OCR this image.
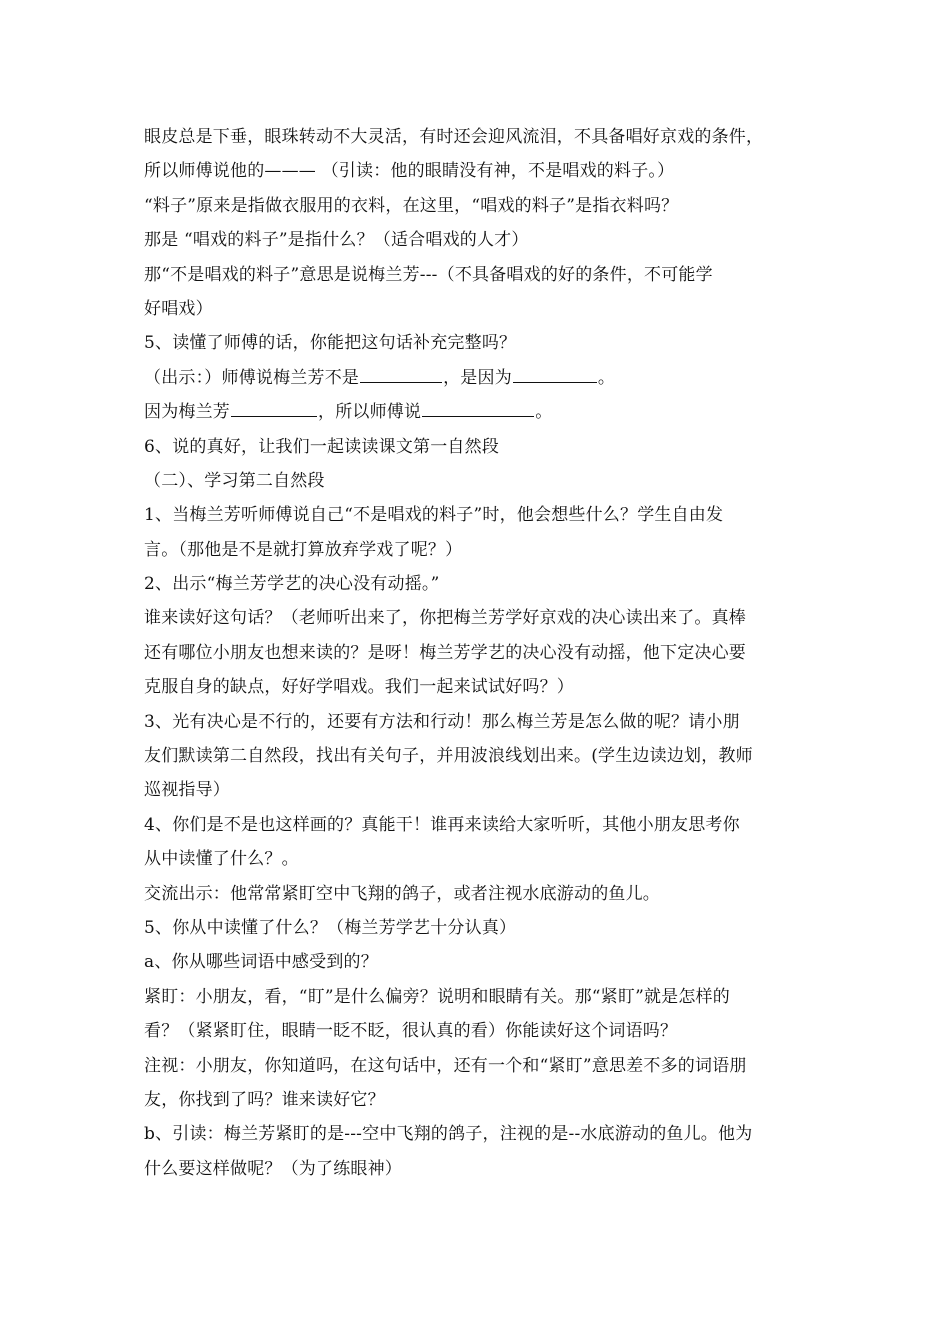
眼皮总是下垂，眼珠转动不大灵活，有时还会迎风流泪，不具备唱好京戏的条件，
所以师傅说他的——— （引读：他的眼睛没有神，不是唱戏的料子。）
“料子”原来是指做衣服用的衣料，在这里，“唱戏的料子”是指衣料吗？
那是 “唱戏的料子”是指什么？（适合唱戏的人才）
那“不是唱戏的料子”意思是说梅兰芳---（不具备唱戏的好的条件，不可能学
好唱戏）
5、读懂了师傅的话，你能把这句话补充完整吗？
（出示：）师傅说梅兰芳不是	，是因为	。
因为梅兰芳	，所以师傅说	。
6、说的真好，让我们一起读读课文第一自然段
（二）、学习第二自然段
1、当梅兰芳听师傅说自己“不是唱戏的料子”时，他会想些什么？学生自由发
言。（那他是不是就打算放弃学戏了呢？）
2、出示“梅兰芳学艺的决心没有动摇。”
谁来读好这句话？（老师听出来了，你把梅兰芳学好京戏的决心读出来了。真棒
还有哪位小朋友也想来读的？是呀！梅兰芳学艺的决心没有动摇，他下定决心要
克服自身的缺点，好好学唱戏。我们一起来试试好吗？）
3、光有决心是不行的，还要有方法和行动！那么梅兰芳是怎么做的呢？请小朋
友们默读第二自然段，找出有关句子，并用波浪线划出来。(学生边读边划，教师
巡视指导）
4、你们是不是也这样画的？真能干！谁再来读给大家听听，其他小朋友思考你
从中读懂了什么？。
交流出示：他常常紧盯空中飞翔的鸽子，或者注视水底游动的鱼儿。
5、你从中读懂了什么？（梅兰芳学艺十分认真）
a、你从哪些词语中感受到的？
紧盯：小朋友，看，“盯”是什么偏旁？说明和眼睛有关。那“紧盯”就是怎样的
看？（紧紧盯住，眼睛一眨不眨，很认真的看）你能读好这个词语吗？
注视：小朋友，你知道吗，在这句话中，还有一个和“紧盯”意思差不多的词语朋
友，你找到了吗？谁来读好它？
b、引读：梅兰芳紧盯的是---空中飞翔的鸽子，注视的是--水底游动的鱼儿。他为
什么要这样做呢？（为了练眼神）
